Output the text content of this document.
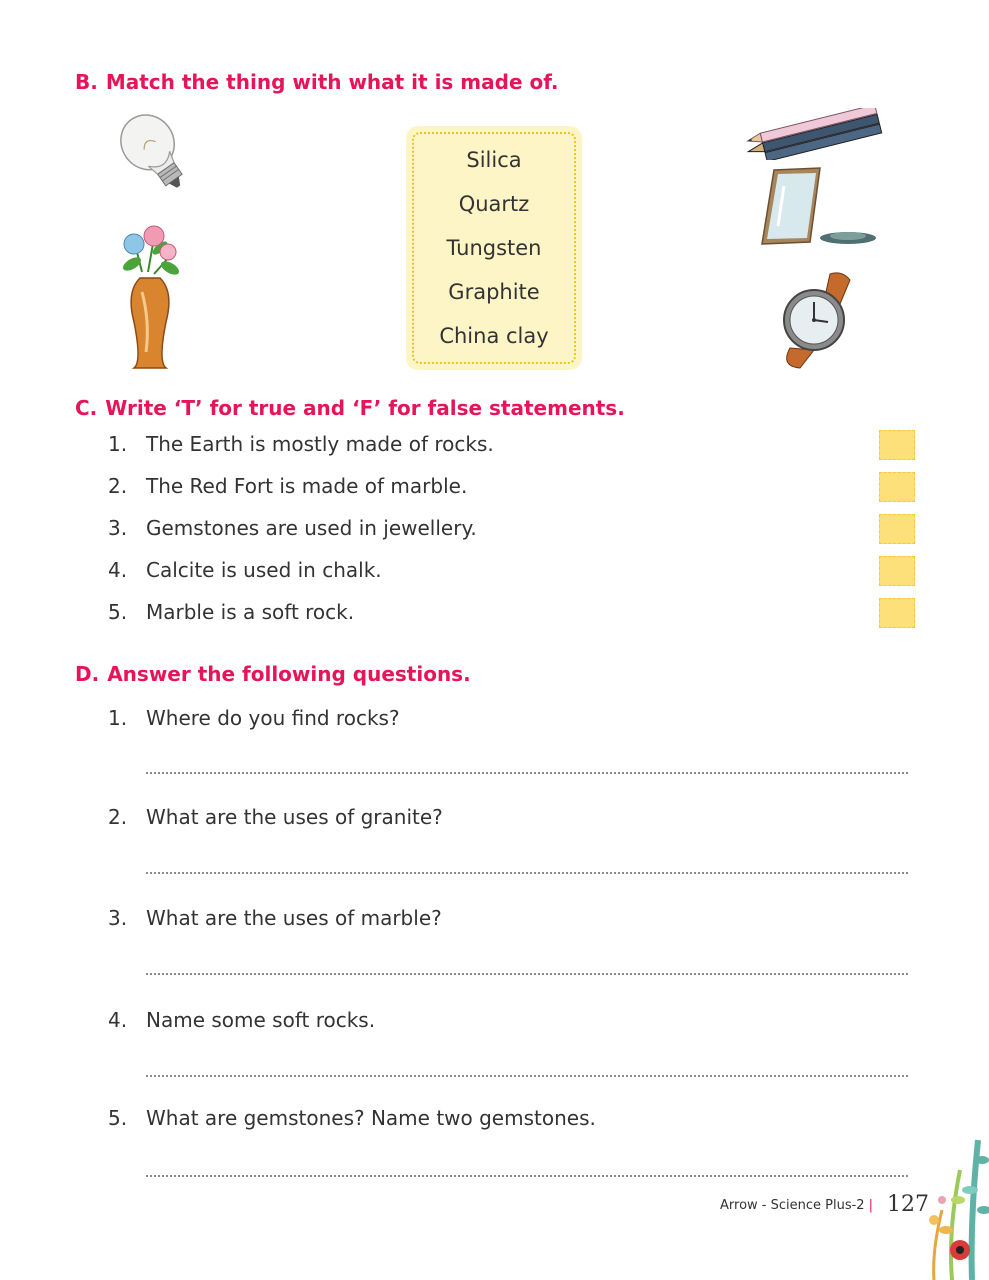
B. Match the thing with what it is made of.
Silica
Quartz
Tungsten
Graphite
China clay
C. Write ‘T’ for true and ‘F’ for false statements.
1. The Earth is mostly made of rocks.
2. The Red Fort is made of marble.
3. Gemstones are used in jewellery.
4. Calcite is used in chalk.
5. Marble is a soft rock.
D. Answer the following questions.
1. Where do you find rocks?
2. What are the uses of granite?
3. What are the uses of marble?
4. Name some soft rocks.
5. What are gemstones? Name two gemstones.
Arrow - Science Plus-2 | 127
